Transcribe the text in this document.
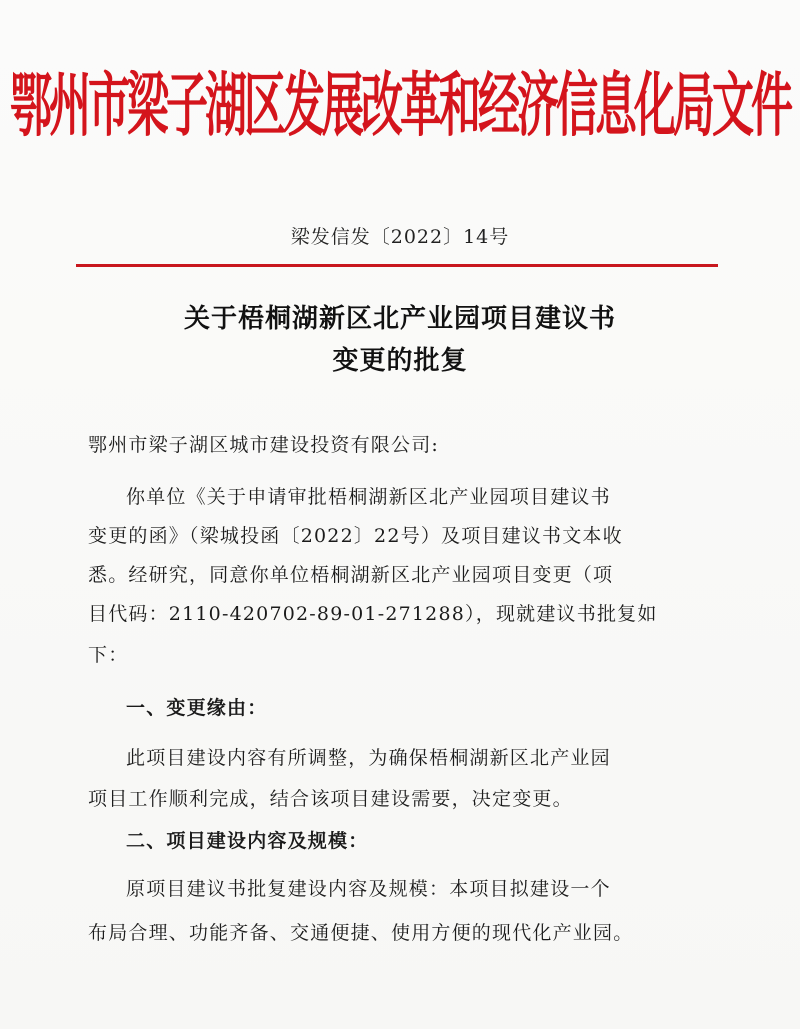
鄂州市梁子湖区发展改革和经济信息化局文件
梁发信发〔2022〕14号
关于梧桐湖新区北产业园项目建议书
变更的批复
鄂州市梁子湖区城市建设投资有限公司:
你单位《关于申请审批梧桐湖新区北产业园项目建议书
变更的函》（梁城投函〔2022〕22号）及项目建议书文本收
悉。经研究，同意你单位梧桐湖新区北产业园项目变更（项
目代码：2110-420702-89-01-271288），现就建议书批复如
下：
一、变更缘由：
此项目建设内容有所调整，为确保梧桐湖新区北产业园
项目工作顺利完成，结合该项目建设需要，决定变更。
二、项目建设内容及规模：
原项目建议书批复建设内容及规模：本项目拟建设一个
布局合理、功能齐备、交通便捷、使用方便的现代化产业园。
